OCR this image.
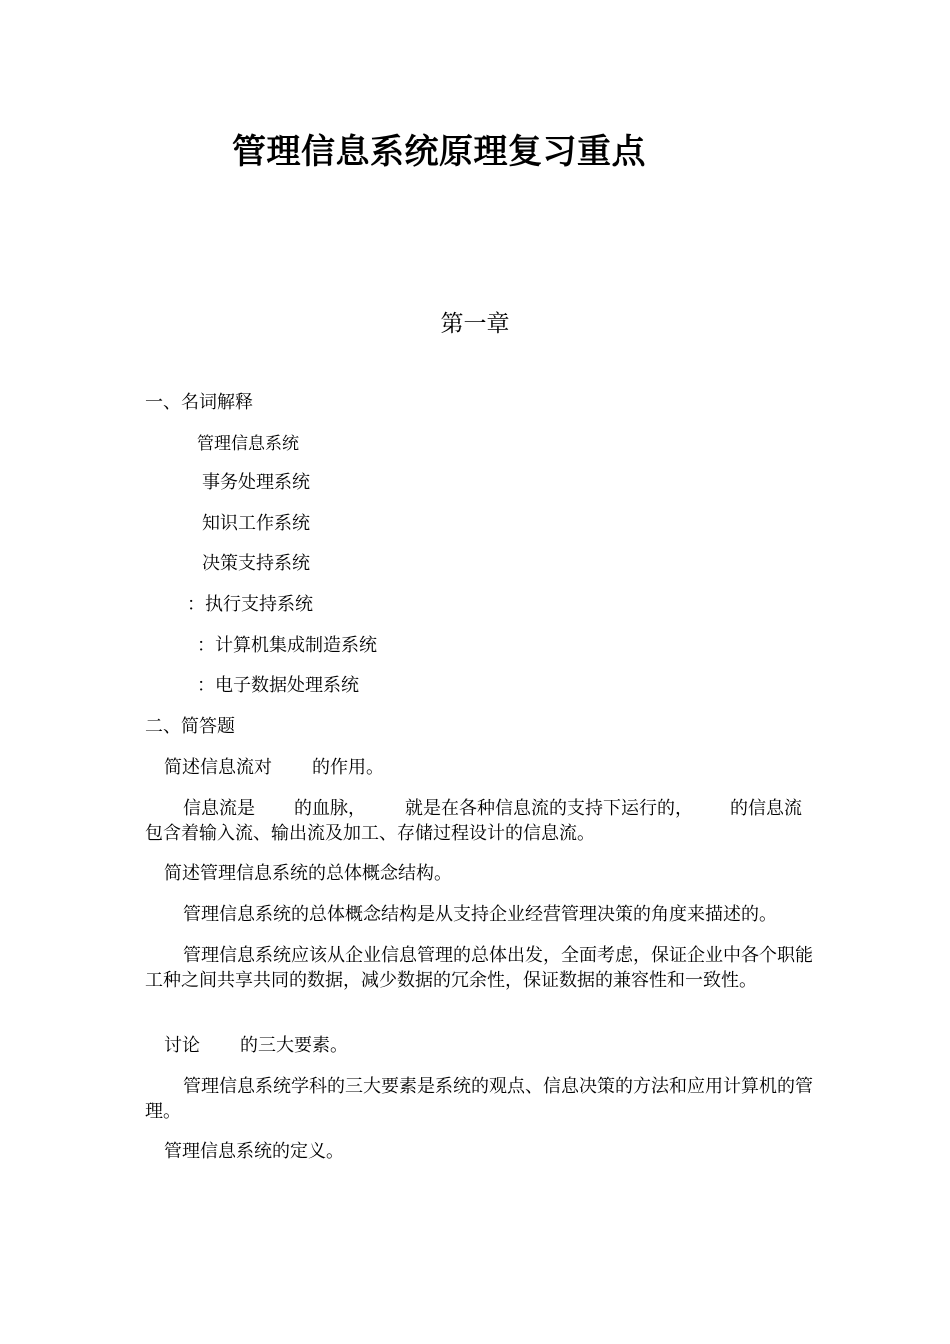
管理信息系统原理复习重点
第一章
一、名词解释
管理信息系统
事务处理系统
知识工作系统
决策支持系统
：执行支持系统
：计算机集成制造系统
：电子数据处理系统
二、简答题
简述信息流对 的作用。

信息流是 的血脉， 就是在各种信息流的支持下运行的， 的信息流包含着输入流、输出流及加工、存储过程设计的信息流。

简述管理信息系统的总体概念结构。

管理信息系统的总体概念结构是从支持企业经营管理决策的角度来描述的。

管理信息系统应该从企业信息管理的总体出发，全面考虑，保证企业中各个职能工种之间共享共同的数据，减少数据的冗余性，保证数据的兼容性和一致性。

讨论 的三大要素。

管理信息系统学科的三大要素是系统的观点、信息决策的方法和应用计算机的管理。

管理信息系统的定义。
